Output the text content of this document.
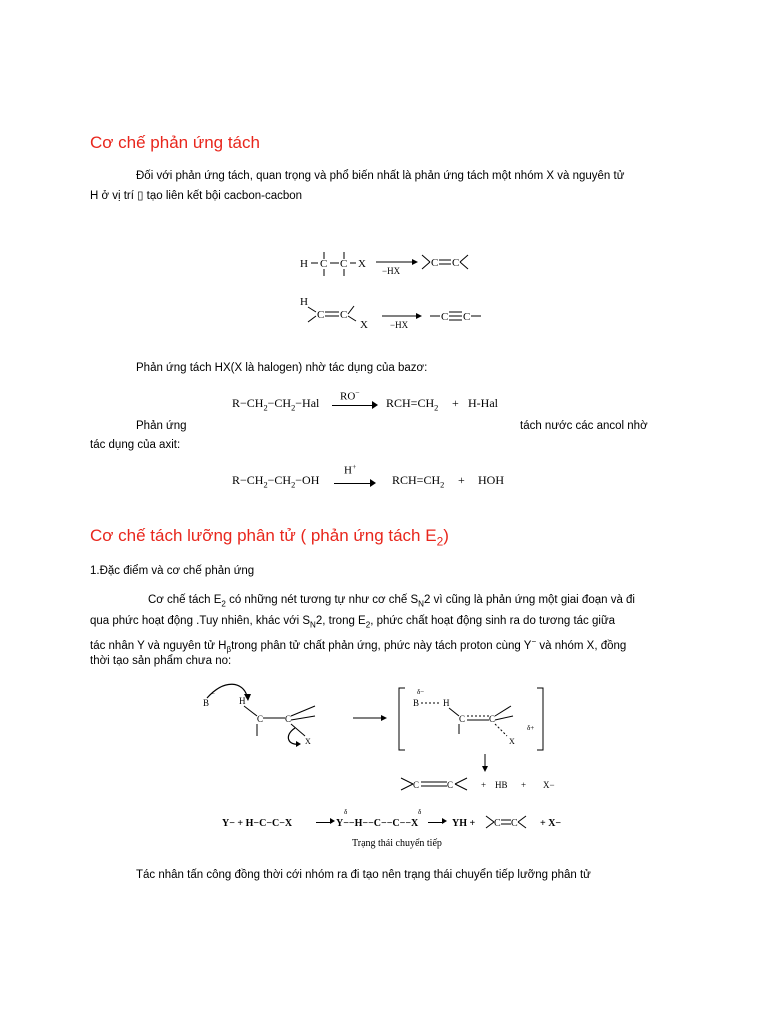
Cơ chế phản ứng tách
Đối với phản ứng tách, quan trọng và phổ biến nhất là phản ứng tách một nhóm X và nguyên tử
H ở vị trí ▯ tạo liên kết bội cacbon-cacbon
H C C X
−HX
C C
H
C C
X −HX
C C
Phản ứng tách HX(X là halogen) nhờ tác dụng của bazơ:
$R-CH_2-CH_2-Hal$ RO−
$RCH=CH_2 + H-Hal$
Phản ứng	tách nước các ancol nhờ
tác dụng của axit:
$R-CH_2-CH_2-OH$
H+
$RCH=CH_2$ + HOH
Cơ chế tách lưỡng phân tử ( phản ứng tách $E_2$)
1.Đặc điểm và cơ chế phản ứng
Cơ chế tách $E_2$ có những nét tương tự như cơ chế $S_N2$ vì cũng là phản ứng một giai đoạn và đi
qua phức hoạt động .Tuy nhiên, khác với $S_N2$, trong $E_2$, phức chất hoạt động sinh ra do tương tác giữa
tác nhân Y và nguyên tử $H_\beta trong$ phân tử chất phản ứng, phức này tách proton cùng Y− và nhóm X, đồng
thời tạo sản phẩm chưa no:
B
−
H
C C
X
δ−
B	H
C	C
X
δ+
C	C	+ HB + X−
Y− + H−C−C−X	Y−−H−−C−−C−−X
δ	δ
Trạng thái chuyển tiếp
YH + C C + X−
Tác nhân tấn công đồng thời cới nhóm ra đi tạo nên trạng thái chuyển tiếp lưỡng phân tử
